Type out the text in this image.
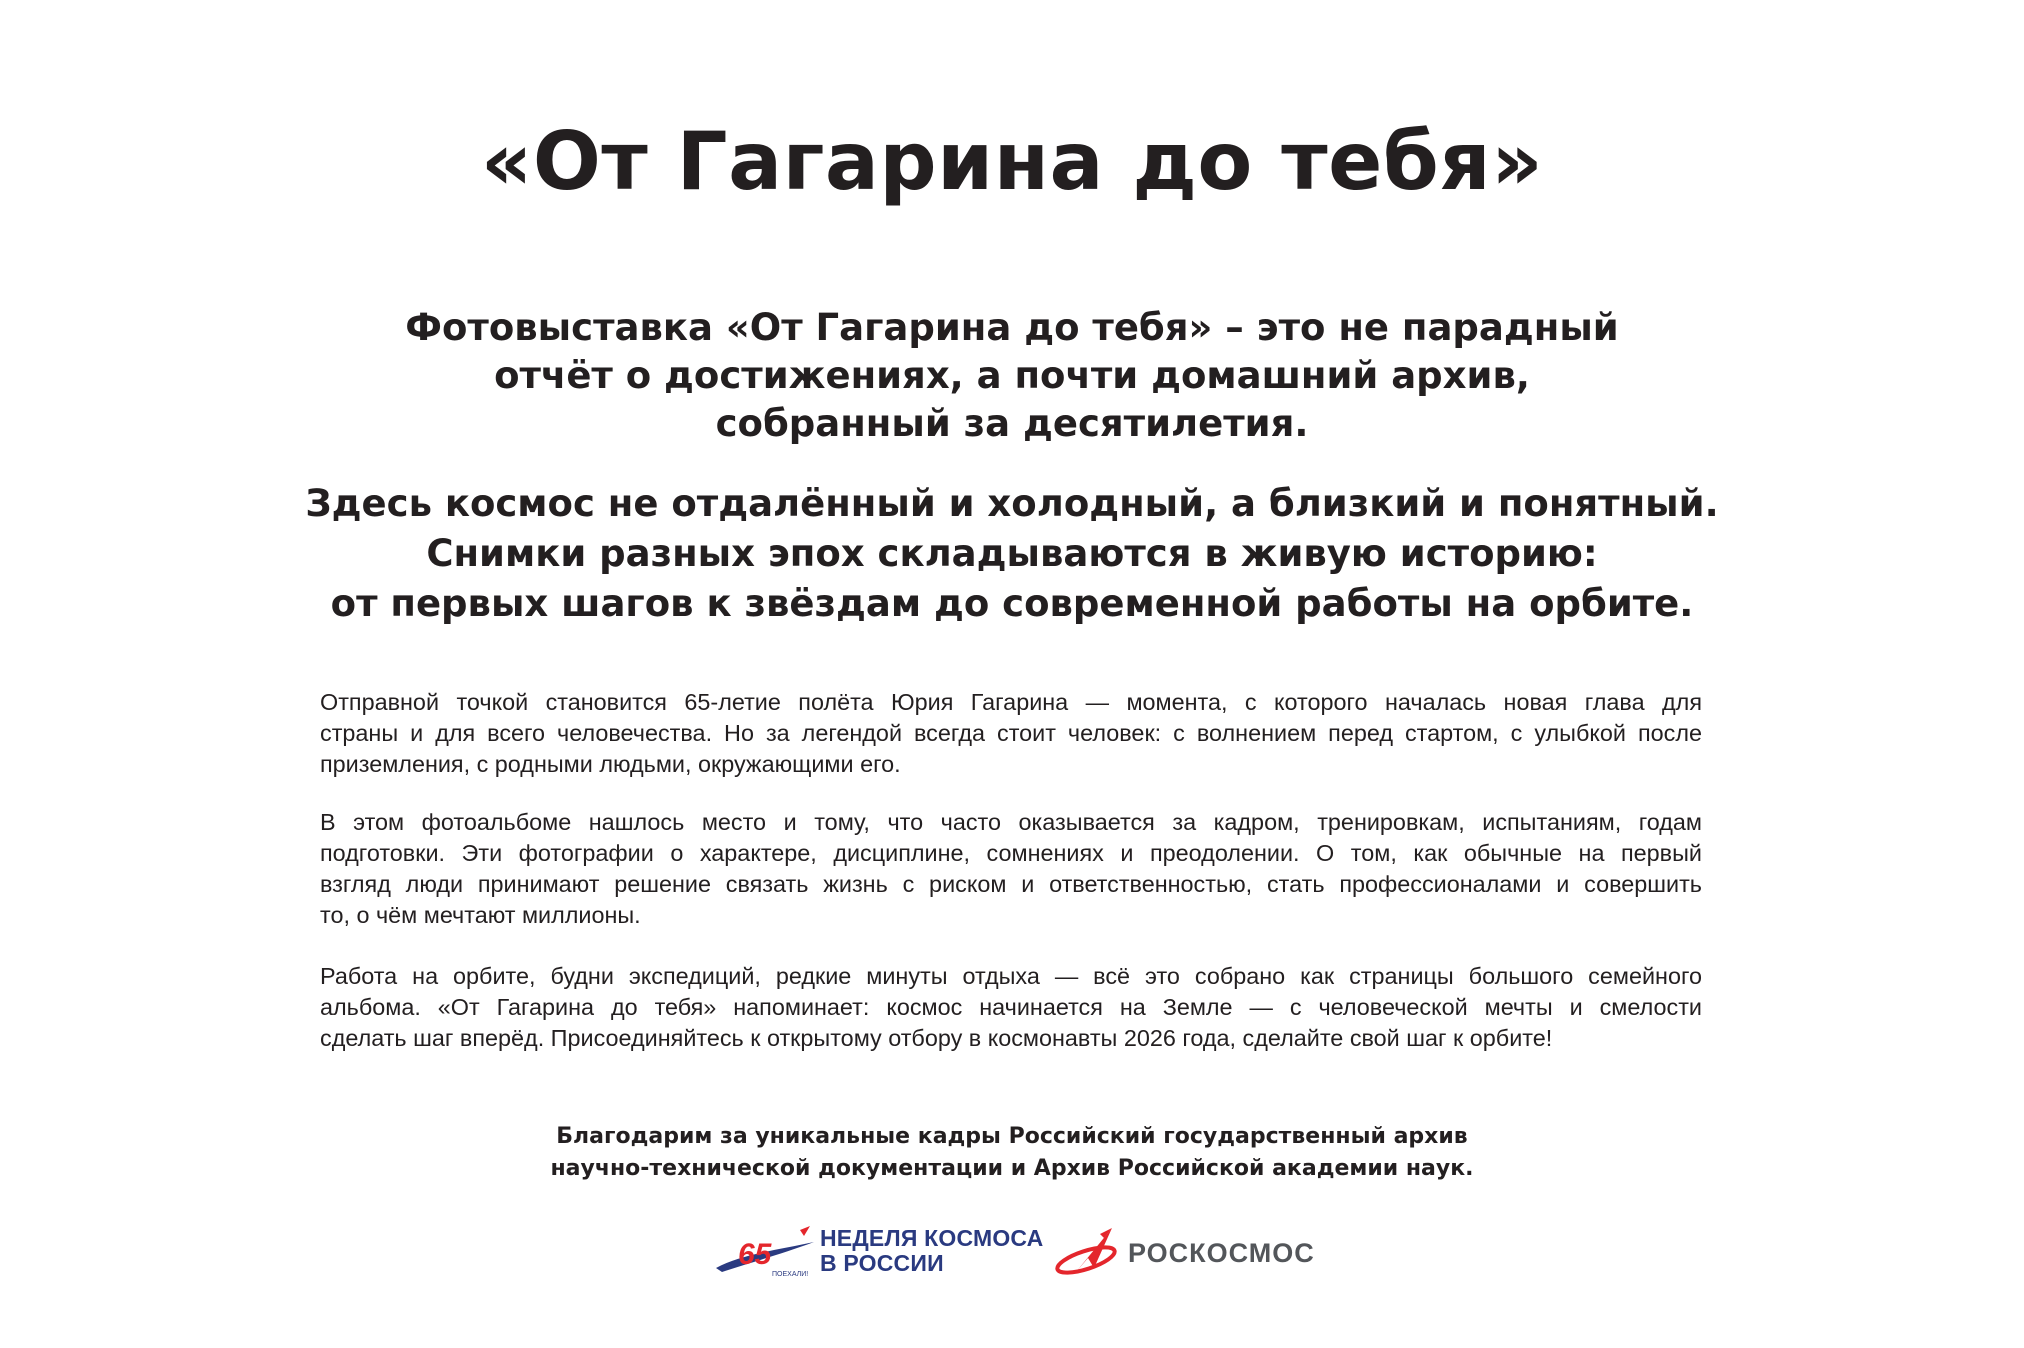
«От Гагарина до тебя»
Фотовыставка «От Гагарина до тебя» – это не парадный
отчёт о достижениях, а почти домашний архив,
собранный за десятилетия.
Здесь космос не отдалённый и холодный, а близкий и понятный.
Снимки разных эпох складываются в живую историю:
от первых шагов к звёздам до современной работы на орбите.
Отправной точкой становится 65-летие полёта Юрия Гагарина — момента, с которого началась новая глава для
страны и для всего человечества. Но за легендой всегда стоит человек: с волнением перед стартом, с улыбкой после
приземления, с родными людьми, окружающими его.
В этом фотоальбоме нашлось место и тому, что часто оказывается за кадром, тренировкам, испытаниям, годам
подготовки. Эти фотографии о характере, дисциплине, сомнениях и преодолении. О том, как обычные на первый
взгляд люди принимают решение связать жизнь с риском и ответственностью, стать профессионалами и совершить
то, о чём мечтают миллионы.
Работа на орбите, будни экспедиций, редкие минуты отдыха — всё это собрано как страницы большого семейного
альбома. «От Гагарина до тебя» напоминает: космос начинается на Земле — с человеческой мечты и смелости
сделать шаг вперёд. Присоединяйтесь к открытому отбору в космонавты 2026 года, сделайте свой шаг к орбите!
Благодарим за уникальные кадры Российский государственный архив
научно-технической документации и Архив Российской академии наук.
65
ПОЕХАЛИ!
НЕДЕЛЯ КОСМОСА
В РОССИИ	РОСКОСМОС
